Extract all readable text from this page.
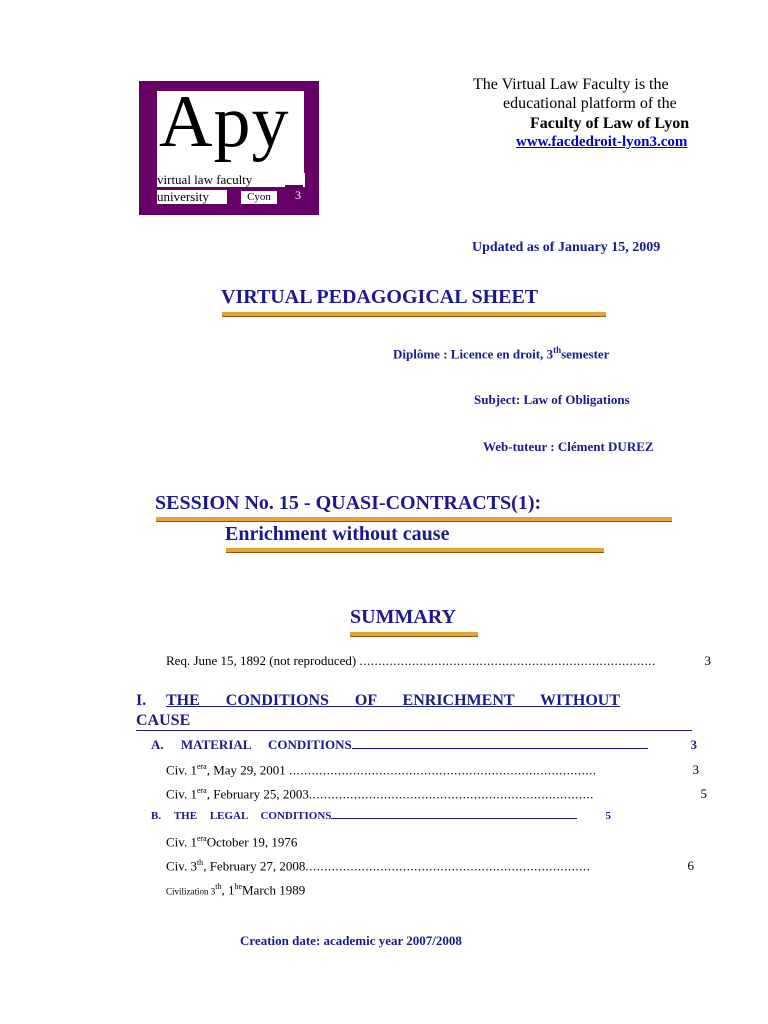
Apy
virtual law faculty
university	Cyon	3
The Virtual Law Faculty is the
educational platform of the
Faculty of Law of Lyon
www.facdedroit-lyon3.com
Updated as of January 15, 2009
VIRTUAL PEDAGOGICAL SHEET
Diplôme : Licence en droit, 3thsemester
Subject: Law of Obligations
Web-tuteur : Clément DUREZ
SESSION No. 15 - QUASI-CONTRACTS(1):
Enrichment without cause
SUMMARY
Req. June 15, 1892 (not reproduced) ...............................................................................	3
I. THE CONDITIONS OF ENRICHMENT WITHOUT
CAUSE
A. MATERIAL CONDITIONS	3
Civ. $1^{era}$, May 29, 2001 ..................................................................................	3
Civ. $1^{era}$, February 25, 2003............................................................................	5
B. THE LEGAL CONDITIONS	5
Civ. $1^{era}October$ 19, 1976
Civ. 3th, February 27, 2008............................................................................	6
Civilization 3th, $1^{he}March$ 1989
Creation date: academic year 2007/2008
